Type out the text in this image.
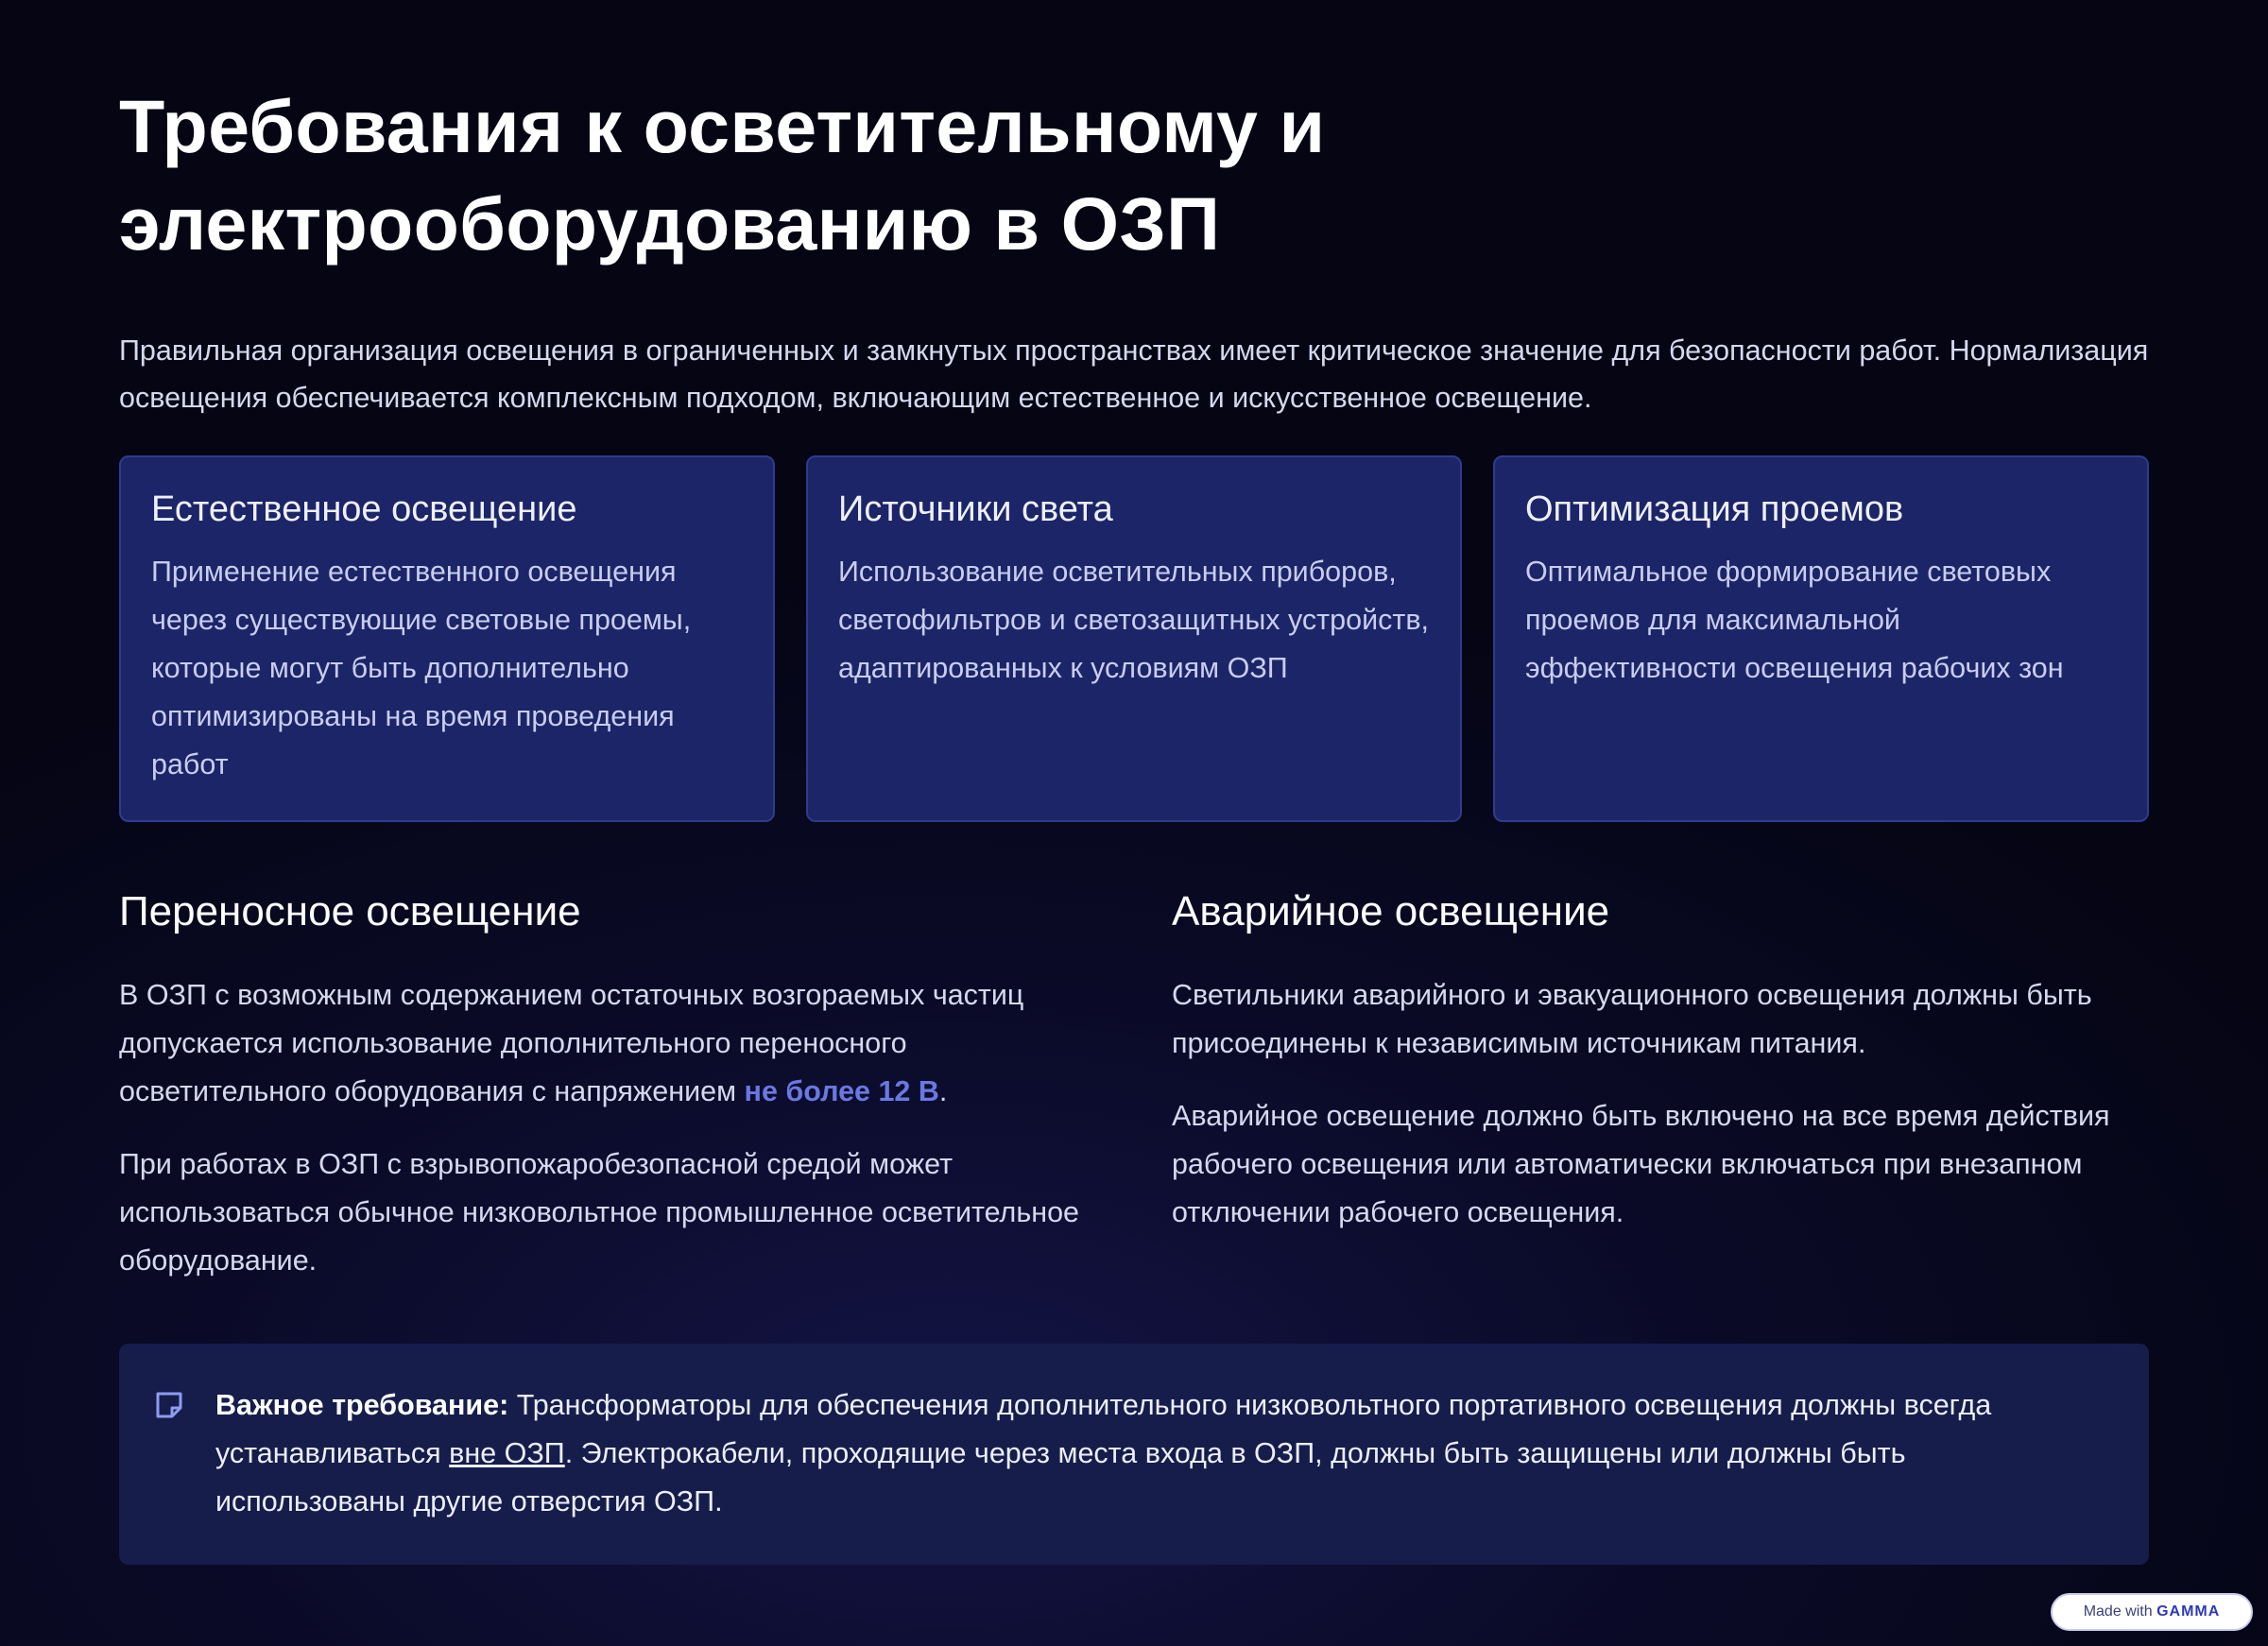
Требования к осветительному и электрооборудованию в ОЗП

Правильная организация освещения в ограниченных и замкнутых пространствах имеет критическое значение для безопасности работ. Нормализация освещения обеспечивается комплексным подходом, включающим естественное и искусственное освещение.

Естественное освещение

Применение естественного освещения через существующие световые проемы, которые могут быть дополнительно оптимизированы на время проведения работ

Источники света

Использование осветительных приборов, светофильтров и светозащитных устройств, адаптированных к условиям ОЗП

Оптимизация проемов

Оптимальное формирование световых проемов для максимальной эффективности освещения рабочих зон

Переносное освещение

В ОЗП с возможным содержанием остаточных возгораемых частиц допускается использование дополнительного переносного осветительного оборудования с напряжением не более 12 В.

При работах в ОЗП с взрывопожаробезопасной средой может использоваться обычное низковольтное промышленное осветительное оборудование.

Аварийное освещение

Светильники аварийного и эвакуационного освещения должны быть присоединены к независимым источникам питания.

Аварийное освещение должно быть включено на все время действия рабочего освещения или автоматически включаться при внезапном отключении рабочего освещения.

Важное требование: Трансформаторы для обеспечения дополнительного низковольтного портативного освещения должны всегда устанавливаться вне ОЗП. Электрокабели, проходящие через места входа в ОЗП, должны быть защищены или должны быть использованы другие отверстия ОЗП.

Made with GAMMA
